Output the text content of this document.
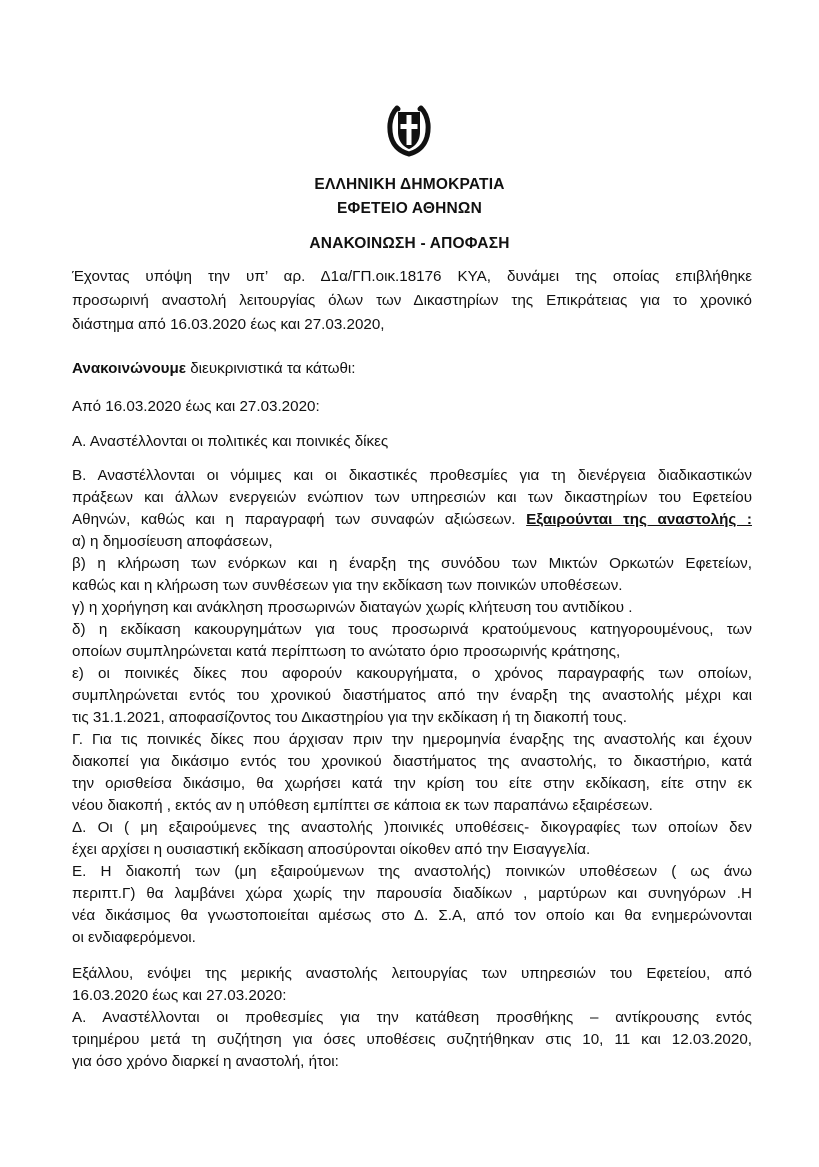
ΕΛΛΗΝΙΚΗ ΔΗΜΟΚΡΑΤΙΑ
ΕΦΕΤΕΙΟ ΑΘΗΝΩΝ
ΑΝΑΚΟΙΝΩΣΗ - ΑΠΟΦΑΣΗ
Έχοντας υπόψη την υπ’ αρ. Δ1α/ΓΠ.οικ.18176 ΚΥΑ, δυνάμει της οποίας επιβλήθηκε
προσωρινή αναστολή λειτουργίας όλων των Δικαστηρίων της Επικράτειας για το χρονικό
διάστημα από 16.03.2020 έως και 27.03.2020,
Ανακοινώνουμε διευκρινιστικά τα κάτωθι:
Από 16.03.2020 έως και 27.03.2020:
Α. Αναστέλλονται οι πολιτικές και ποινικές δίκες
Β. Αναστέλλονται οι νόμιμες και οι δικαστικές προθεσμίες για τη διενέργεια διαδικαστικών
πράξεων και άλλων ενεργειών ενώπιον των υπηρεσιών και των δικαστηρίων του Εφετείου
Αθηνών, καθώς και η παραγραφή των συναφών αξιώσεων. Εξαιρούνται της αναστολής :
α) η δημοσίευση αποφάσεων,
β) η κλήρωση των ενόρκων και η έναρξη της συνόδου των Μικτών Ορκωτών Εφετείων,
καθώς και η κλήρωση των συνθέσεων για την εκδίκαση των ποινικών υποθέσεων.
γ) η χορήγηση και ανάκληση προσωρινών διαταγών χωρίς κλήτευση του αντιδίκου .
δ) η εκδίκαση κακουργημάτων για τους προσωρινά κρατούμενους κατηγορουμένους, των
οποίων συμπληρώνεται κατά περίπτωση το ανώτατο όριο προσωρινής κράτησης,
ε) οι ποινικές δίκες που αφορούν κακουργήματα, ο χρόνος παραγραφής των οποίων,
συμπληρώνεται εντός του χρονικού διαστήματος από την έναρξη της αναστολής μέχρι και
τις 31.1.2021, αποφασίζοντος του Δικαστηρίου για την εκδίκαση ή τη διακοπή τους.
Γ. Για τις ποινικές δίκες που άρχισαν πριν την ημερομηνία έναρξης της αναστολής και έχουν
διακοπεί για δικάσιμο εντός του χρονικού διαστήματος της αναστολής, το δικαστήριο, κατά
την ορισθείσα δικάσιμο, θα χωρήσει κατά την κρίση του είτε στην εκδίκαση, είτε στην εκ
νέου διακοπή , εκτός αν η υπόθεση εμπίπτει σε κάποια εκ των παραπάνω εξαιρέσεων.
Δ. Οι ( μη εξαιρούμενες της αναστολής )ποινικές υποθέσεις- δικογραφίες των οποίων δεν
έχει αρχίσει η ουσιαστική εκδίκαση αποσύρονται οίκοθεν από την Εισαγγελία.
Ε. Η διακοπή των (μη εξαιρούμενων της αναστολής) ποινικών υποθέσεων ( ως άνω
περιπτ.Γ) θα λαμβάνει χώρα χωρίς την παρουσία διαδίκων , μαρτύρων και συνηγόρων .Η
νέα δικάσιμος θα γνωστοποιείται αμέσως στο Δ. Σ.Α, από τον οποίο και θα ενημερώνονται
οι ενδιαφερόμενοι.
Εξάλλου, ενόψει της μερικής αναστολής λειτουργίας των υπηρεσιών του Εφετείου, από
16.03.2020 έως και 27.03.2020:
Α. Αναστέλλονται οι προθεσμίες για την κατάθεση προσθήκης – αντίκρουσης εντός
τριημέρου μετά τη συζήτηση για όσες υποθέσεις συζητήθηκαν στις 10, 11 και 12.03.2020,
για όσο χρόνο διαρκεί η αναστολή, ήτοι:
